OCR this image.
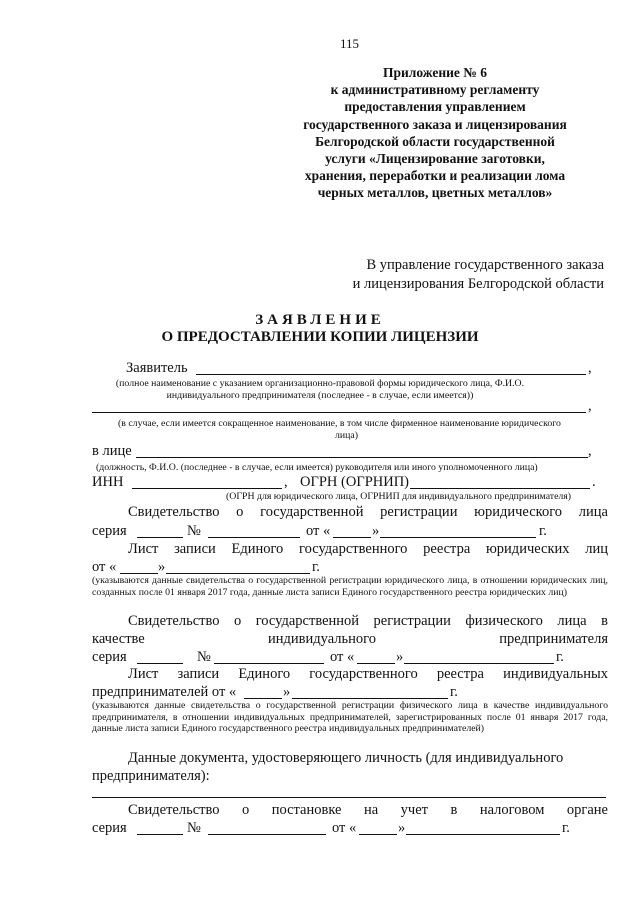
115
Приложение № 6
к административному регламенту
предоставления управлением
государственного заказа и лицензирования
Белгородской области государственной
услуги «Лицензирование заготовки,
хранения, переработки и реализации лома
черных металлов, цветных металлов»
В управление государственного заказа
и лицензирования Белгородской области
ЗАЯВЛЕНИЕ
О ПРЕДОСТАВЛЕНИИ КОПИИ ЛИЦЕНЗИИ
Заявитель	,
(полное наименование с указанием организационно-правовой формы юридического лица, Ф.И.О.
индивидуального предпринимателя (последнее - в случае, если имеется))
,
(в случае, если имеется сокращенное наименование, в том числе фирменное наименование юридического
лица)
в лице	,
(должность, Ф.И.О. (последнее - в случае, если имеется) руководителя или иного уполномоченного лица)
ИНН	, ОГРН (ОГРНИП)	.
(ОГРН для юридического лица, ОГРНИП для индивидуального предпринимателя)
Свидетельство о государственной регистрации юридического лица
серия	№	от «	»	г.
Лист записи Единого государственного реестра юридических лиц
от «	»	г.
(указываются данные свидетельства о государственной регистрации юридического лица, в отношении юридических лиц, созданных после 01 января 2017 года, данные листа записи Единого государственного реестра юридических лиц)
Свидетельство о государственной регистрации физического лица в
качестве	индивидуального	предпринимателя
серия	№	от «	»	г.
Лист записи Единого государственного реестра индивидуальных
предпринимателей от «	»	г.
(указываются данные свидетельства о государственной регистрации физического лица в качестве индивидуального предпринимателя, в отношении индивидуальных предпринимателей, зарегистрированных после 01 января 2017 года, данные листа записи Единого государственного реестра индивидуальных предпринимателей)
Данные документа, удостоверяющего личность (для индивидуального
предпринимателя):
Свидетельство о постановке на учет в налоговом органе
серия	№	от «	»	г.
